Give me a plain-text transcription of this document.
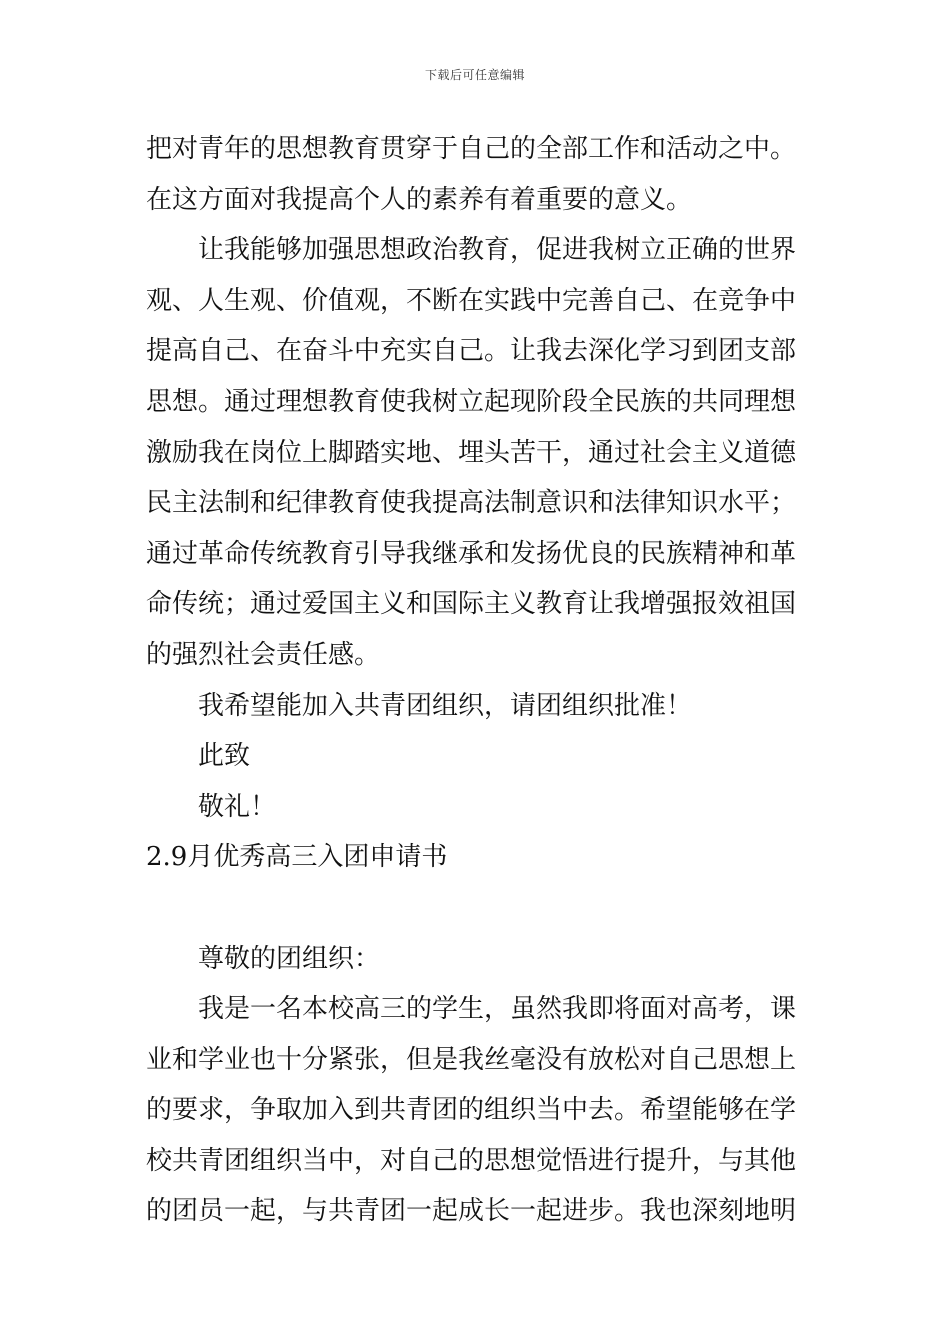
下载后可任意编辑
把对青年的思想教育贯穿于自己的全部工作和活动之中。
在这方面对我提高个人的素养有着重要的意义。
让我能够加强思想政治教育，促进我树立正确的世界
观、人生观、价值观，不断在实践中完善自己、在竞争中
提高自己、在奋斗中充实自己。让我去深化学习到团支部
思想。通过理想教育使我树立起现阶段全民族的共同理想
激励我在岗位上脚踏实地、埋头苦干，通过社会主义道德
民主法制和纪律教育使我提高法制意识和法律知识水平；
通过革命传统教育引导我继承和发扬优良的民族精神和革
命传统；通过爱国主义和国际主义教育让我增强报效祖国
的强烈社会责任感。
我希望能加入共青团组织，请团组织批准！
此致
敬礼！
2.9月优秀高三入团申请书
尊敬的团组织：
我是一名本校高三的学生，虽然我即将面对高考，课
业和学业也十分紧张，但是我丝毫没有放松对自己思想上
的要求，争取加入到共青团的组织当中去。希望能够在学
校共青团组织当中，对自己的思想觉悟进行提升，与其他
的团员一起，与共青团一起成长一起进步。我也深刻地明
